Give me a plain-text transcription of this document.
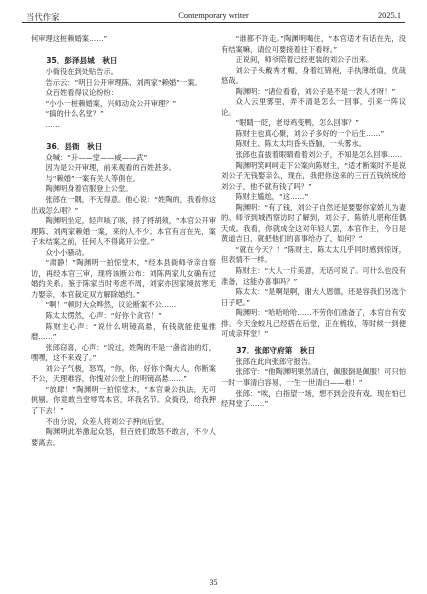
当代作家	Contemporary writer	2025.1

何审理这桩赖婚案……”

35．彭泽县城　秋日

小衙役在到处贴告示。

告示云：“明日公开审理陈、刘两家“赖婚”一案。

众百姓看得议论纷纷：

“小小一桩赖婚案，兴师动众公开审理？”

“搞的什么名堂？”

……

36．县衙　秋日

众喊：“升——堂——威——武”

因为是公开审理，前来观看的百姓甚多。

与“赖婚”一案有关人等俱在。

陶渊明身着官服登上公堂。

张郎在一隅，不无得意。他心说：“姓陶的，我看你这出戏怎么唱？”

陶渊明坐定，轻声咳了咳，捋了捋胡须，“本官公开审理陈、刘两家赖婚一案，来的人不少。本官有言在先，案子未结案之前，任何人不得离开公堂。”

众小小骚动。

“肃静！”陶渊明一拍惊堂木，“经本县衙师爷亲自察访，再经本官三审，现将该断公布：刘陈两家儿女确有过婚约关系。鉴于陈家当时考虑不周，刘家亦因家境贫寒无力娶亲，本官裁定双方解除婚约。”

“啊！”顿时大众哗然，议论断案不公……

陈太太愣然，心声：“好你个贪官！”

陈财主心声：“说什么明镜高悬，有钱就能使鬼推磨……”

张郎窃喜，心声：“说过，姓陶的不是一盏省油的灯，嘿嘿，这不来戏了。”

刘公子气极，怒骂，“你，你，好你个陶大人，你断案不公，天理难容，你愧对公堂上的明镜高悬……”

“放肆！”陶渊明一拍惊堂木，“本官秉公执法，无可挑剔。你竟敢当堂辱骂本官，坏我名节。众衙役，给我押了下去！”

不由分说，众差人将刘公子押向后堂。

陶渊明此举激起众怒，但百姓们敢怒不敢言，不少人要离去。

“谁都不许走。”陶渊明喝住，“本官适才有话在先，没有结案嘛，请位可要接着往下看呀。”

正说间，师爷陪着已经更装的刘公子出来。

刘公子头戴秀才帽，身着红锦袍，手执薄纸扇，优哉悠哉。

陶渊明：“诸位看看，刘公子是不是一表人才呀！”

众人云里雾里，弄不清是怎么一回事，引来一阵议论。

“眼睛一眨，老母鸡变鸭，怎么回事？”

陈财主也真心聚，刘公子多好的一个后生……”

陈财主、陈太太均昏头昏脑，一头雾水。

张郎也直拔着眼睛看着刘公子，不知是怎么回事……

陶渊明笑呵呵走下公案向陈财主，“适才断案时不是说刘公子无钱娶亲么，现在，我把你送来的三百五钱统统给刘公子，他不就有钱了吗？”

陈财主尴尬，“这……”

陶渊明：“有了钱，刘公子自然还是要娶你家娇儿为妻的。师爷到城西察访时了解到，刘公子、陈娇儿堪称佳偶天成。我看，你就成全这对年轻人罢，本官作主，今日是黄道吉日，就把他们的喜事给办了，如何？”

“就在今天？！”陈财主、陈太太几乎同时感到惊讶，但表情不一样。

陈财主：“大人一片美意，无话可说了。可什么也没有准备，这能办喜事吗？”

陈太太：“是啊是啊，谢大人恩德，还是容我们另选个日子吧。”

陶渊明：“哈哈哈哈……不劳你们准备了，本官自有安排。今天金蛟凡己经搭在后堂，正在梳妆，等时候一到便可成亲拜堂！”

37．张郎守府第　秋日

张郎在此向张郎守报告。

张郎守：“他陶渊明果然清白，佩服倒是佩服！可只怕一时一事清白容易，一生一世清白——难！”

张郎：“唉，白指望一场，想不到会没有戏。现在怕已经拜堂了……”

35
